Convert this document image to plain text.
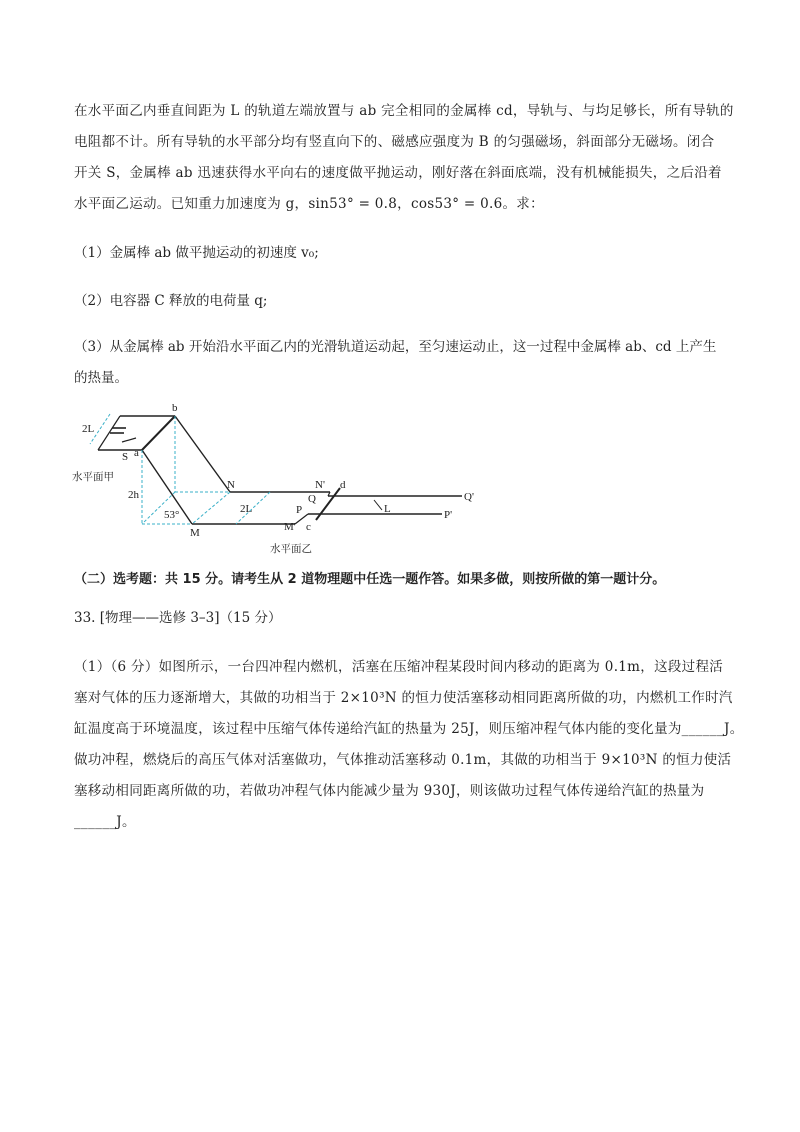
在水平面乙内垂直间距为 L 的轨道左端放置与 ab 完全相同的金属棒 cd，导轨与、与均足够长，所有导轨的
电阻都不计。所有导轨的水平部分均有竖直向下的、磁感应强度为 B 的匀强磁场，斜面部分无磁场。闭合
开关 S，金属棒 ab 迅速获得水平向右的速度做平抛运动，刚好落在斜面底端，没有机械能损失，之后沿着
水平面乙运动。已知重力加速度为 g，sin53° = 0.8，cos53° = 0.6。求：
（1）金属棒 ab 做平抛运动的初速度 v₀;
（2）电容器 C 释放的电荷量 q;
（3）从金属棒 ab 开始沿水平面乙内的光滑轨道运动起，至匀速运动止，这一过程中金属棒 ab、cd 上产生
的热量。
b
a
S
2L
水平面甲
2h
53°
M
N
2L
N'
Q
d
P
M' c
L
Q'
P'
水平面乙
（二）选考题：共 15 分。请考生从 2 道物理题中任选一题作答。如果多做，则按所做的第一题计分。
33. [物理——选修 3–3]（15 分）
（1）（6 分）如图所示，一台四冲程内燃机，活塞在压缩冲程某段时间内移动的距离为 0.1m，这段过程活
塞对气体的压力逐渐增大，其做的功相当于 2×10³N 的恒力使活塞移动相同距离所做的功，内燃机工作时汽
缸温度高于环境温度，该过程中压缩气体传递给汽缸的热量为 25J，则压缩冲程气体内能的变化量为______J。
做功冲程，燃烧后的高压气体对活塞做功，气体推动活塞移动 0.1m，其做的功相当于 9×10³N 的恒力使活
塞移动相同距离所做的功，若做功冲程气体内能减少量为 930J，则该做功过程气体传递给汽缸的热量为
______J。
